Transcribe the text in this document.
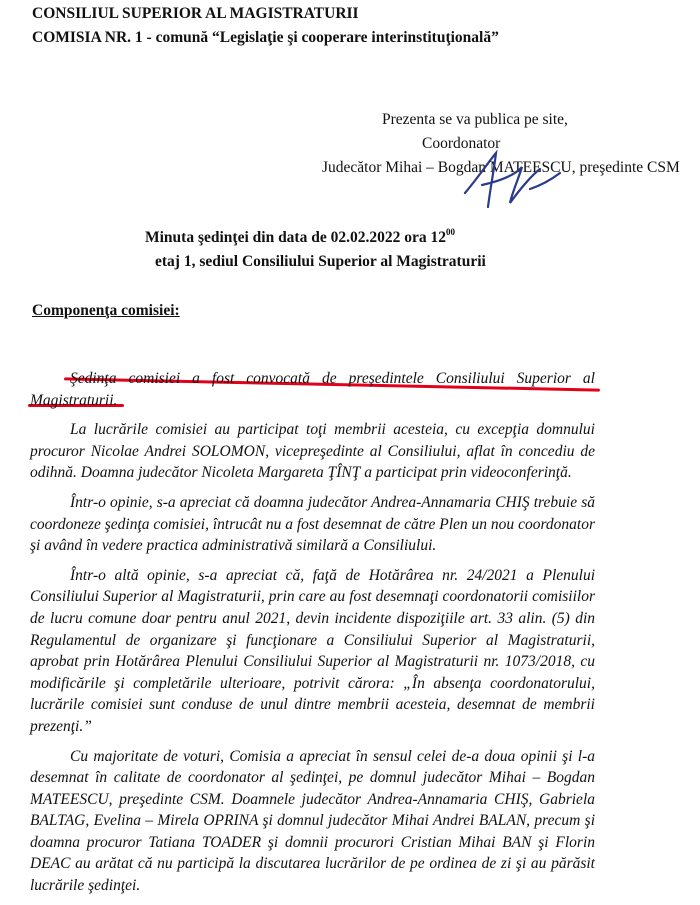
CONSILIUL SUPERIOR AL MAGISTRATURII
COMISIA NR. 1 - comună “Legislaţie şi cooperare interinstituţională”
Prezenta se va publica pe site,
Coordonator
Judecător Mihai – Bogdan MATEESCU, preşedinte CSM
Minuta şedinţei din data de 02.02.2022 ora $12^{00}$
etaj 1, sediul Consiliului Superior al Magistraturii
Componenţa comisiei:

Şedinţa comisiei a fost convocată de preşedintele Consiliului Superior al Magistraturii.

La lucrările comisiei au participat toţi membrii acesteia, cu excepţia domnului procuror Nicolae Andrei SOLOMON, vicepreşedinte al Consiliului, aflat în concediu de odihnă. Doamna judecător Nicoleta Margareta ŢÎNŢ a participat prin videoconferinţă.

Într-o opinie, s-a apreciat că doamna judecător Andrea-Annamaria CHIŞ trebuie să coordoneze şedinţa comisiei, întrucât nu a fost desemnat de către Plen un nou coordonator şi având în vedere practica administrativă similară a Consiliului.

Într-o altă opinie, s-a apreciat că, faţă de Hotărârea nr. 24/2021 a Plenului Consiliului Superior al Magistraturii, prin care au fost desemnaţi coordonatorii comisiilor de lucru comune doar pentru anul 2021, devin incidente dispoziţiile art. 33 alin. (5) din Regulamentul de organizare şi funcţionare a Consiliului Superior al Magistraturii, aprobat prin Hotărârea Plenului Consiliului Superior al Magistraturii nr. 1073/2018, cu modificările şi completările ulterioare, potrivit cărora: „În absenţa coordonatorului, lucrările comisiei sunt conduse de unul dintre membrii acesteia, desemnat de membrii prezenţi.”

Cu majoritate de voturi, Comisia a apreciat în sensul celei de-a doua opinii şi l-a desemnat în calitate de coordonator al şedinţei, pe domnul judecător Mihai – Bogdan MATEESCU, preşedinte CSM. Doamnele judecător Andrea-Annamaria CHIŞ, Gabriela BALTAG, Evelina – Mirela OPRINA şi domnul judecător Mihai Andrei BALAN, precum şi doamna procuror Tatiana TOADER şi domnii procurori Cristian Mihai BAN şi Florin DEAC au arătat că nu participă la discutarea lucrărilor de pe ordinea de zi şi au părăsit lucrările şedinţei.
